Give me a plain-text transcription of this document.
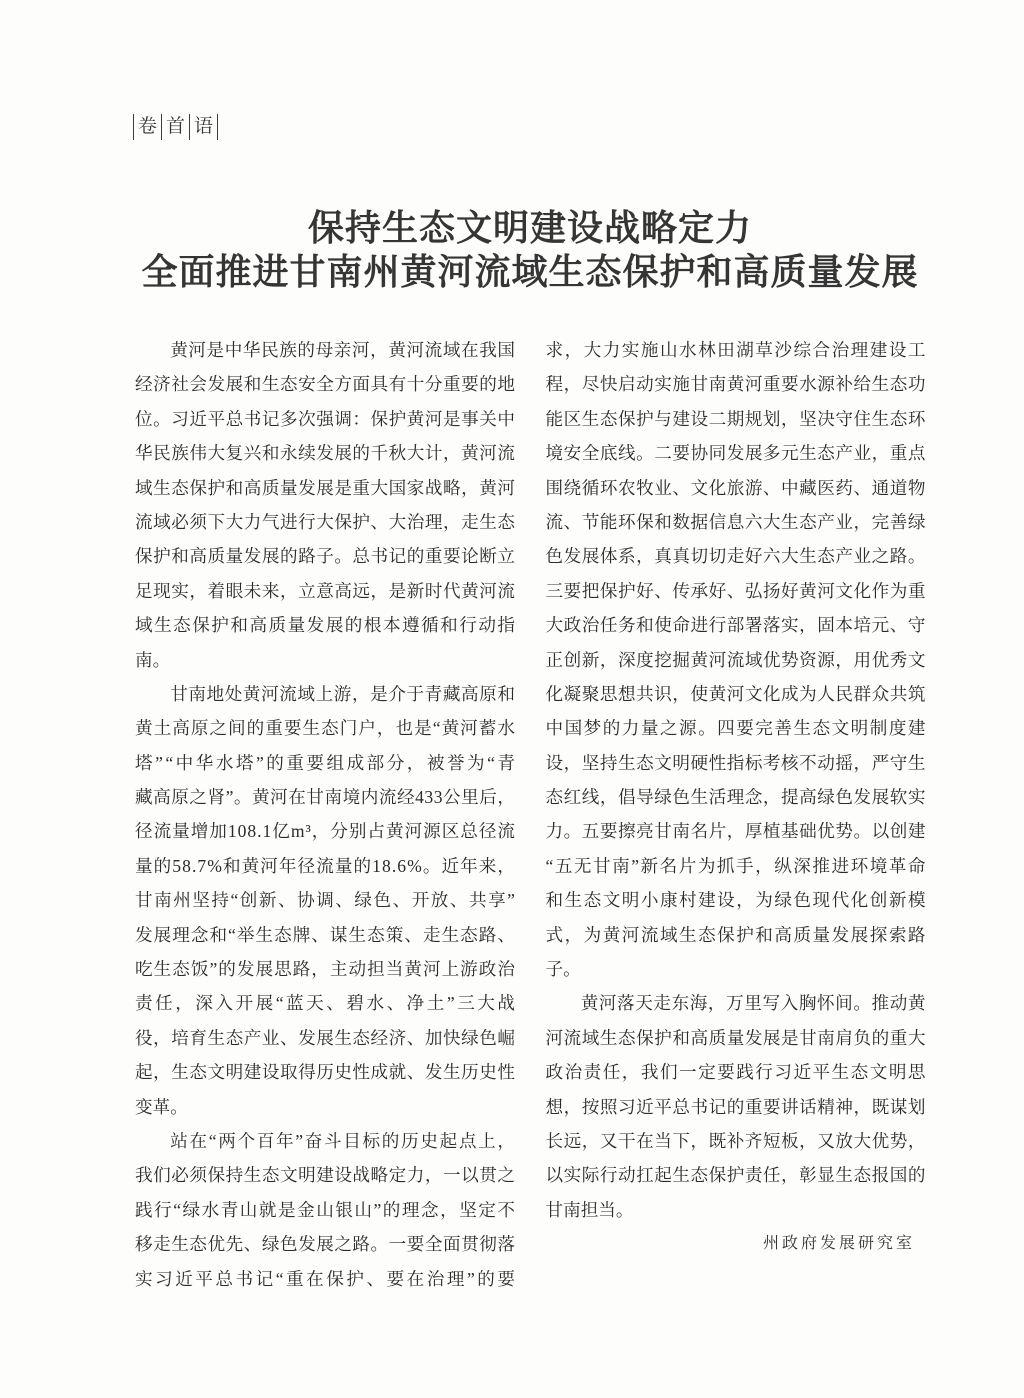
卷 首 语
保持生态文明建设战略定力
全面推进甘南州黄河流域生态保护和高质量发展
黄河是中华民族的母亲河，黄河流域在我国
经济社会发展和生态安全方面具有十分重要的地
位。习近平总书记多次强调：保护黄河是事关中
华民族伟大复兴和永续发展的千秋大计，黄河流
域生态保护和高质量发展是重大国家战略，黄河
流域必须下大力气进行大保护、大治理，走生态
保护和高质量发展的路子。总书记的重要论断立
足现实，着眼未来，立意高远，是新时代黄河流
域生态保护和高质量发展的根本遵循和行动指
南。
甘南地处黄河流域上游，是介于青藏高原和
黄土高原之间的重要生态门户，也是“黄河蓄水
塔”“中华水塔”的重要组成部分，被誉为“青
藏高原之肾”。黄河在甘南境内流经433公里后，
径流量增加108.1亿m³，分别占黄河源区总径流
量的58.7%和黄河年径流量的18.6%。近年来，
甘南州坚持“创新、协调、绿色、开放、共享”
发展理念和“举生态牌、谋生态策、走生态路、
吃生态饭”的发展思路，主动担当黄河上游政治
责任，深入开展“蓝天、碧水、净土”三大战
役，培育生态产业、发展生态经济、加快绿色崛
起，生态文明建设取得历史性成就、发生历史性
变革。
站在“两个百年”奋斗目标的历史起点上，
我们必须保持生态文明建设战略定力，一以贯之
践行“绿水青山就是金山银山”的理念，坚定不
移走生态优先、绿色发展之路。一要全面贯彻落
实习近平总书记“重在保护、要在治理”的要
求，大力实施山水林田湖草沙综合治理建设工
程，尽快启动实施甘南黄河重要水源补给生态功
能区生态保护与建设二期规划，坚决守住生态环
境安全底线。二要协同发展多元生态产业，重点
围绕循环农牧业、文化旅游、中藏医药、通道物
流、节能环保和数据信息六大生态产业，完善绿
色发展体系，真真切切走好六大生态产业之路。
三要把保护好、传承好、弘扬好黄河文化作为重
大政治任务和使命进行部署落实，固本培元、守
正创新，深度挖掘黄河流域优势资源，用优秀文
化凝聚思想共识，使黄河文化成为人民群众共筑
中国梦的力量之源。四要完善生态文明制度建
设，坚持生态文明硬性指标考核不动摇，严守生
态红线，倡导绿色生活理念，提高绿色发展软实
力。五要擦亮甘南名片，厚植基础优势。以创建
“五无甘南”新名片为抓手，纵深推进环境革命
和生态文明小康村建设，为绿色现代化创新模
式，为黄河流域生态保护和高质量发展探索路
子。
黄河落天走东海，万里写入胸怀间。推动黄
河流域生态保护和高质量发展是甘南肩负的重大
政治责任，我们一定要践行习近平生态文明思
想，按照习近平总书记的重要讲话精神，既谋划
长远，又干在当下，既补齐短板，又放大优势，
以实际行动扛起生态保护责任，彰显生态报国的
甘南担当。
州政府发展研究室
